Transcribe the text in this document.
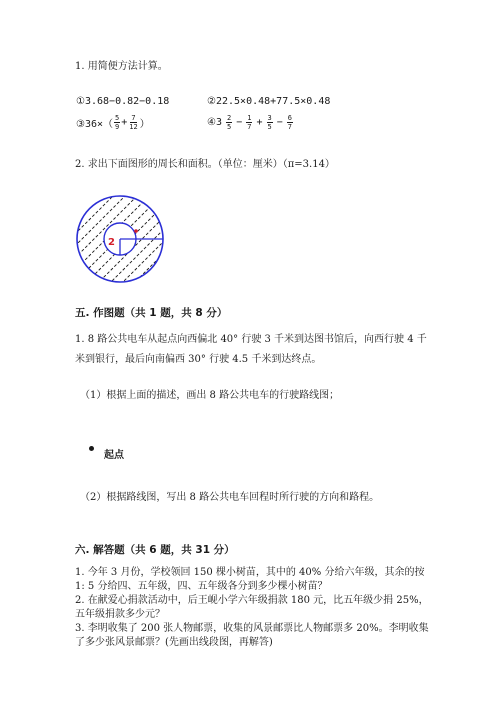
1. 用简便方法计算。
①3.68−0.82−0.18	②22.5×0.48+77.5×0.48
③36×（ $\frac{5}{9} + \frac{7}{12}$ ）	④3 $\frac{2}{5} - \frac{1}{7} + \frac{3}{5} - \frac{6}{7}$
2. 求出下面图形的周长和面积。（单位：厘米）（π=3.14）
2
五. 作图题（共 1 题，共 8 分）
1. 8 路公共电车从起点向西偏北 40° 行驶 3 千米到达图书馆后，向西行驶 4 千
米到银行，最后向南偏西 30° 行驶 4.5 千米到达终点。
（1）根据上面的描述，画出 8 路公共电车的行驶路线图；
起点
（2）根据路线图，写出 8 路公共电车回程时所行驶的方向和路程。
六. 解答题（共 6 题，共 31 分）
1. 今年 3 月份，学校领回 150 棵小树苗，其中的 40% 分给六年级，其余的按
1: 5 分给四、五年级，四、五年级各分到多少棵小树苗？
2. 在献爱心捐款活动中，后王岘小学六年级捐款 180 元，比五年级少捐 25%，
五年级捐款多少元？
3. 李明收集了 200 张人物邮票，收集的风景邮票比人物邮票多 20%。李明收集
了多少张风景邮票？(先画出线段图，再解答)
